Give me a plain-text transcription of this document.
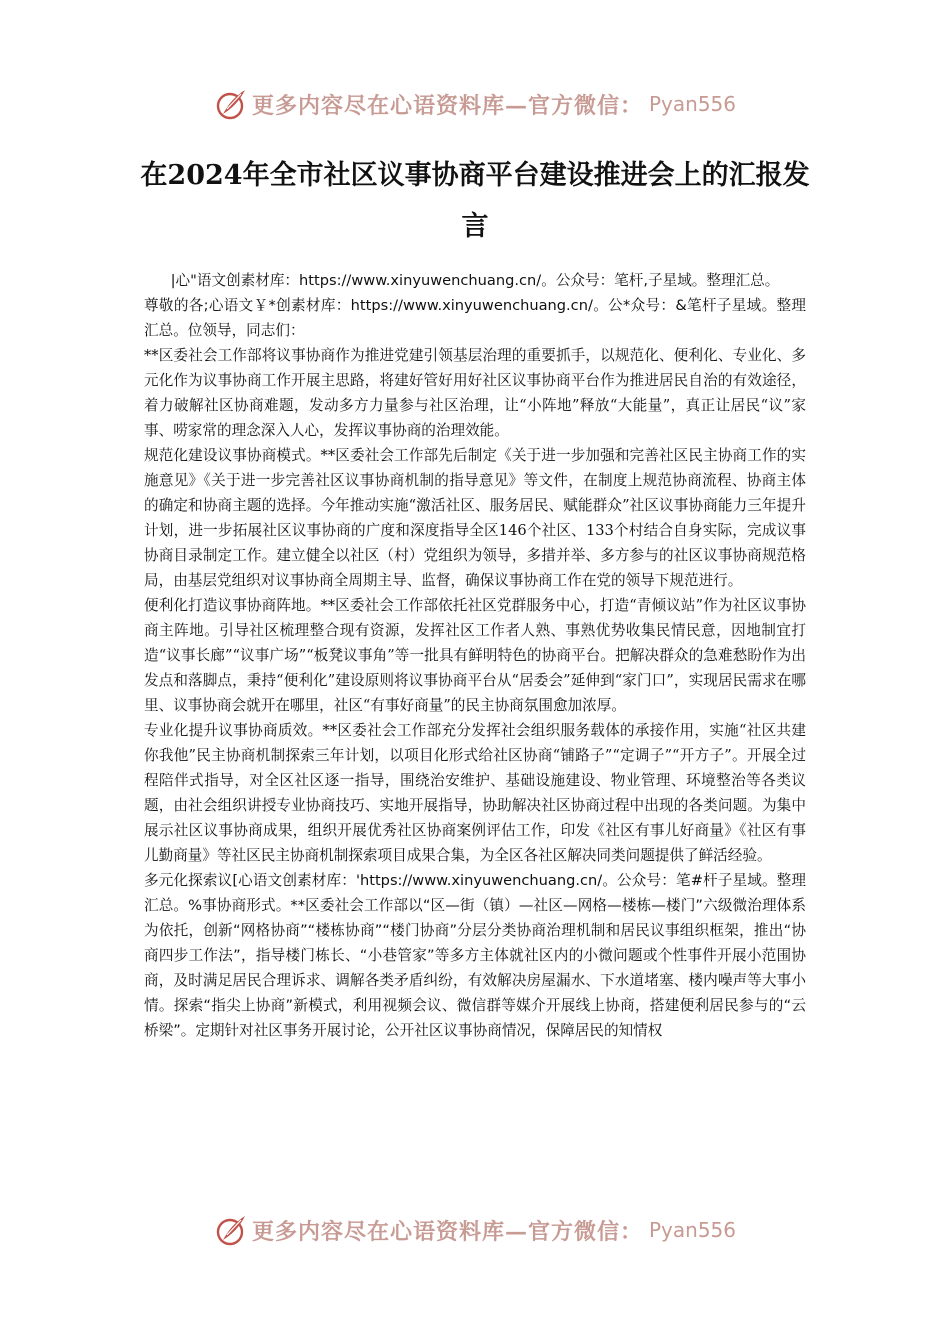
更多内容尽在心语资料库—官方微信： Pyan556
在2024年全市社区议事协商平台建设推进会上的汇报发言

|心"语文创素材库：https://www.xinyuwenchuang.cn/。公众号：笔杆,子星域。整理汇总。

尊敬的各;心语文￥*创素材库：https://www.xinyuwenchuang.cn/。公*众号：&笔杆子星域。整理汇总。位领导，同志们：

**区委社会工作部将议事协商作为推进党建引领基层治理的重要抓手，以规范化、便利化、专业化、多元化作为议事协商工作开展主思路，将建好管好用好社区议事协商平台作为推进居民自治的有效途径，着力破解社区协商难题，发动多方力量参与社区治理，让“小阵地”释放“大能量”，真正让居民“议”家事、唠家常的理念深入人心，发挥议事协商的治理效能。

规范化建设议事协商模式。**区委社会工作部先后制定《关于进一步加强和完善社区民主协商工作的实施意见》《关于进一步完善社区议事协商机制的指导意见》等文件，在制度上规范协商流程、协商主体的确定和协商主题的选择。今年推动实施“激活社区、服务居民、赋能群众”社区议事协商能力三年提升计划，进一步拓展社区议事协商的广度和深度指导全区146个社区、133个村结合自身实际，完成议事协商目录制定工作。建立健全以社区（村）党组织为领导，多措并举、多方参与的社区议事协商规范格局，由基层党组织对议事协商全周期主导、监督，确保议事协商工作在党的领导下规范进行。

便利化打造议事协商阵地。**区委社会工作部依托社区党群服务中心，打造“青倾议站”作为社区议事协商主阵地。引导社区梳理整合现有资源，发挥社区工作者人熟、事熟优势收集民情民意，因地制宜打造“议事长廊”“议事广场”“板凳议事角”等一批具有鲜明特色的协商平台。把解决群众的急难愁盼作为出发点和落脚点，秉持“便利化”建设原则将议事协商平台从“居委会”延伸到“家门口”，实现居民需求在哪里、议事协商会就开在哪里，社区“有事好商量”的民主协商氛围愈加浓厚。

专业化提升议事协商质效。**区委社会工作部充分发挥社会组织服务载体的承接作用，实施“社区共建你我他”民主协商机制探索三年计划，以项目化形式给社区协商“铺路子”“定调子”“开方子”。开展全过程陪伴式指导，对全区社区逐一指导，围绕治安维护、基础设施建设、物业管理、环境整治等各类议题，由社会组织讲授专业协商技巧、实地开展指导，协助解决社区协商过程中出现的各类问题。为集中展示社区议事协商成果，组织开展优秀社区协商案例评估工作，印发《社区有事儿好商量》《社区有事儿勤商量》等社区民主协商机制探索项目成果合集，为全区各社区解决同类问题提供了鲜活经验。

多元化探索议[心语文创素材库：'https://www.xinyuwenchuang.cn/。公众号：笔#杆子星域。整理汇总。%事协商形式。**区委社会工作部以“区—街（镇）—社区—网格—楼栋—楼门”六级微治理体系为依托，创新“网格协商”“楼栋协商”“楼门协商”分层分类协商治理机制和居民议事组织框架，推出“协商四步工作法”，指导楼门栋长、“小巷管家”等多方主体就社区内的小微问题或个性事件开展小范围协商，及时满足居民合理诉求、调解各类矛盾纠纷，有效解决房屋漏水、下水道堵塞、楼内噪声等大事小情。探索“指尖上协商”新模式，利用视频会议、微信群等媒介开展线上协商，搭建便利居民参与的“云桥梁”。定期针对社区事务开展讨论，公开社区议事协商情况，保障居民的知情权

更多内容尽在心语资料库—官方微信： Pyan556
